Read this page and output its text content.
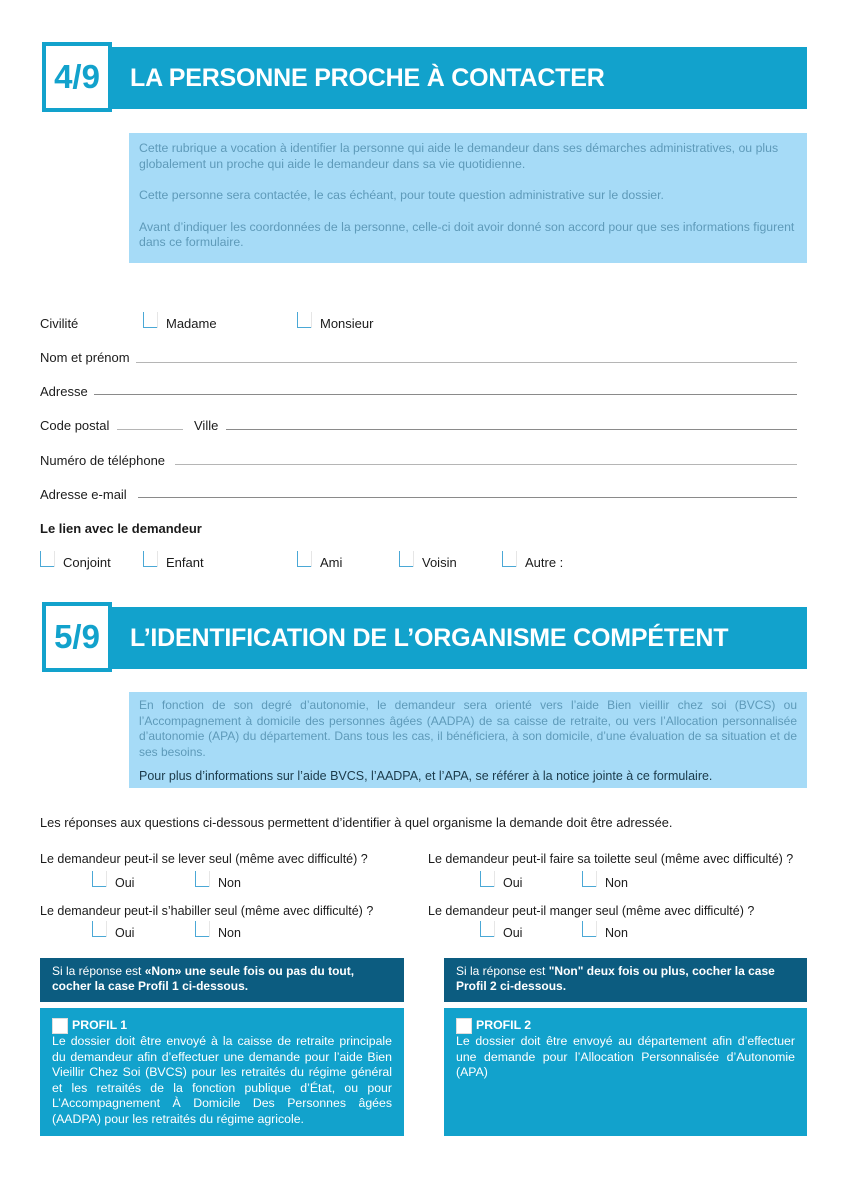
4/9	LA PERSONNE PROCHE À CONTACTER

Cette rubrique a vocation à identifier la personne qui aide le demandeur dans ses démarches administratives, ou plus globalement un proche qui aide le demandeur dans sa vie quotidienne.

Cette personne sera contactée, le cas échéant, pour toute question administrative sur le dossier.

Avant d’indiquer les coordonnées de la personne, celle-ci doit avoir donné son accord pour que ses informations figurent dans ce formulaire.

Civilité	Madame	Monsieur
Nom et prénom
Adresse
Code postal	Ville
Numéro de téléphone
Adresse e-mail
Le lien avec le demandeur
Conjoint	Enfant	Ami	Voisin	Autre :
5/9	L’IDENTIFICATION DE L’ORGANISME COMPÉTENT
En fonction de son degré d’autonomie, le demandeur sera orienté vers l’aide Bien vieillir chez soi (BVCS) ou l’Accompagnement à domicile des personnes âgées (AADPA) de sa caisse de retraite, ou vers l’Allocation personnalisée d’autonomie (APA) du département. Dans tous les cas, il bénéficiera, à son domicile, d’une évaluation de sa situation et de ses besoins.
Pour plus d’informations sur l’aide BVCS, l’AADPA, et l’APA, se référer à la notice jointe à ce formulaire.
Les réponses aux questions ci-dessous permettent d’identifier à quel organisme la demande doit être adressée.
Le demandeur peut-il se lever seul (même avec difficulté) ?
Oui	Non
Le demandeur peut-il faire sa toilette seul (même avec difficulté) ?
Oui	Non
Le demandeur peut-il s’habiller seul (même avec difficulté) ?
Oui	Non
Le demandeur peut-il manger seul (même avec difficulté) ?
Oui	Non
Si la réponse est «Non» une seule fois ou pas du tout, cocher la case Profil 1 ci-dessous.
Si la réponse est "Non" deux fois ou plus, cocher la case Profil 2 ci-dessous.
PROFIL 1
Le dossier doit être envoyé à la caisse de retraite principale du demandeur afin d’effectuer une demande pour l’aide Bien Vieillir Chez Soi (BVCS) pour les retraités du régime général et les retraités de la fonction publique d’État, ou pour L’Accompagnement À Domicile Des Personnes âgées (AADPA) pour les retraités du régime agricole.
PROFIL 2
Le dossier doit être envoyé au département afin d’effectuer une demande pour l’Allocation Personnalisée d’Autonomie (APA)
